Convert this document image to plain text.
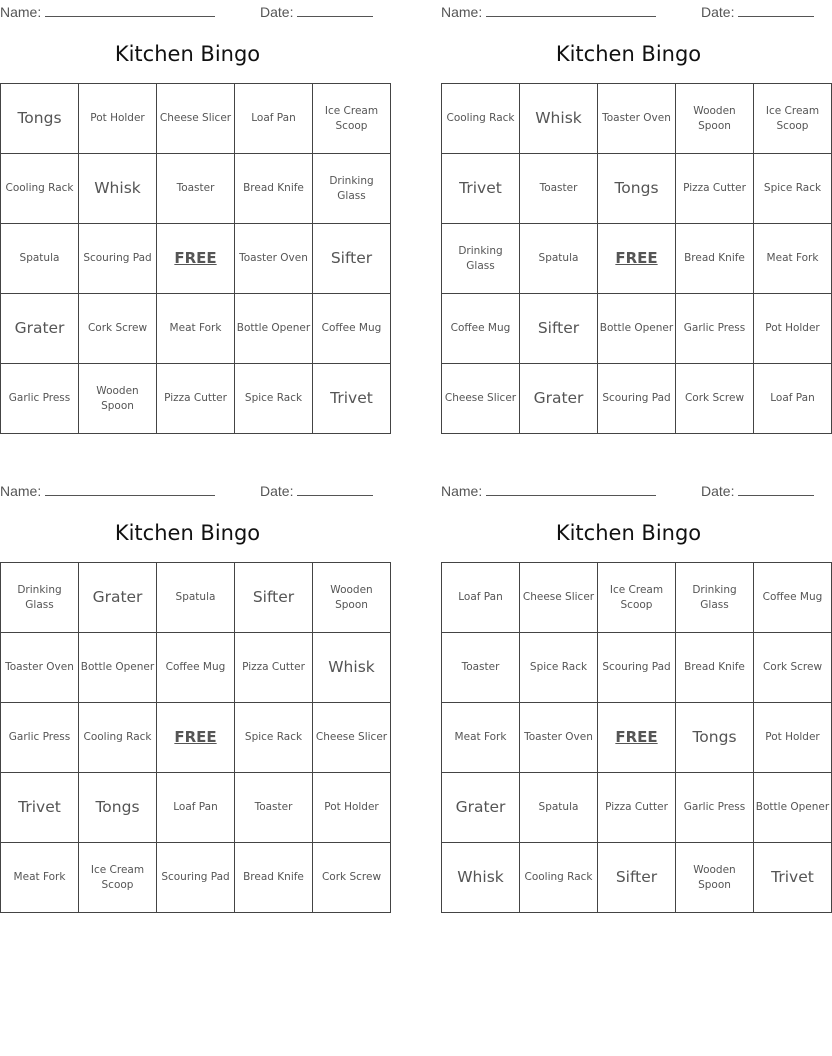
Name:	Date:
Kitchen Bingo
Tongs	Pot Holder	Cheese Slicer	Loaf Pan	Ice Cream Scoop
Cooling Rack	Whisk	Toaster	Bread Knife	Drinking Glass
Spatula	Scouring Pad	FREE	Toaster Oven	Sifter
Grater	Cork Screw	Meat Fork	Bottle Opener	Coffee Mug
Garlic Press	Wooden Spoon	Pizza Cutter	Spice Rack	Trivet
Name:	Date:
Kitchen Bingo
Cooling Rack	Whisk	Toaster Oven	Wooden Spoon	Ice Cream Scoop
Trivet	Toaster	Tongs	Pizza Cutter	Spice Rack
Drinking Glass	Spatula	FREE	Bread Knife	Meat Fork
Coffee Mug	Sifter	Bottle Opener	Garlic Press	Pot Holder
Cheese Slicer	Grater	Scouring Pad	Cork Screw	Loaf Pan
Name:	Date:
Kitchen Bingo
Drinking Glass	Grater	Spatula	Sifter	Wooden Spoon
Toaster Oven	Bottle Opener	Coffee Mug	Pizza Cutter	Whisk
Garlic Press	Cooling Rack	FREE	Spice Rack	Cheese Slicer
Trivet	Tongs	Loaf Pan	Toaster	Pot Holder
Meat Fork	Ice Cream Scoop	Scouring Pad	Bread Knife	Cork Screw
Name:	Date:
Kitchen Bingo
Loaf Pan	Cheese Slicer	Ice Cream Scoop	Drinking Glass	Coffee Mug
Toaster	Spice Rack	Scouring Pad	Bread Knife	Cork Screw
Meat Fork	Toaster Oven	FREE	Tongs	Pot Holder
Grater	Spatula	Pizza Cutter	Garlic Press	Bottle Opener
Whisk	Cooling Rack	Sifter	Wooden Spoon	Trivet
